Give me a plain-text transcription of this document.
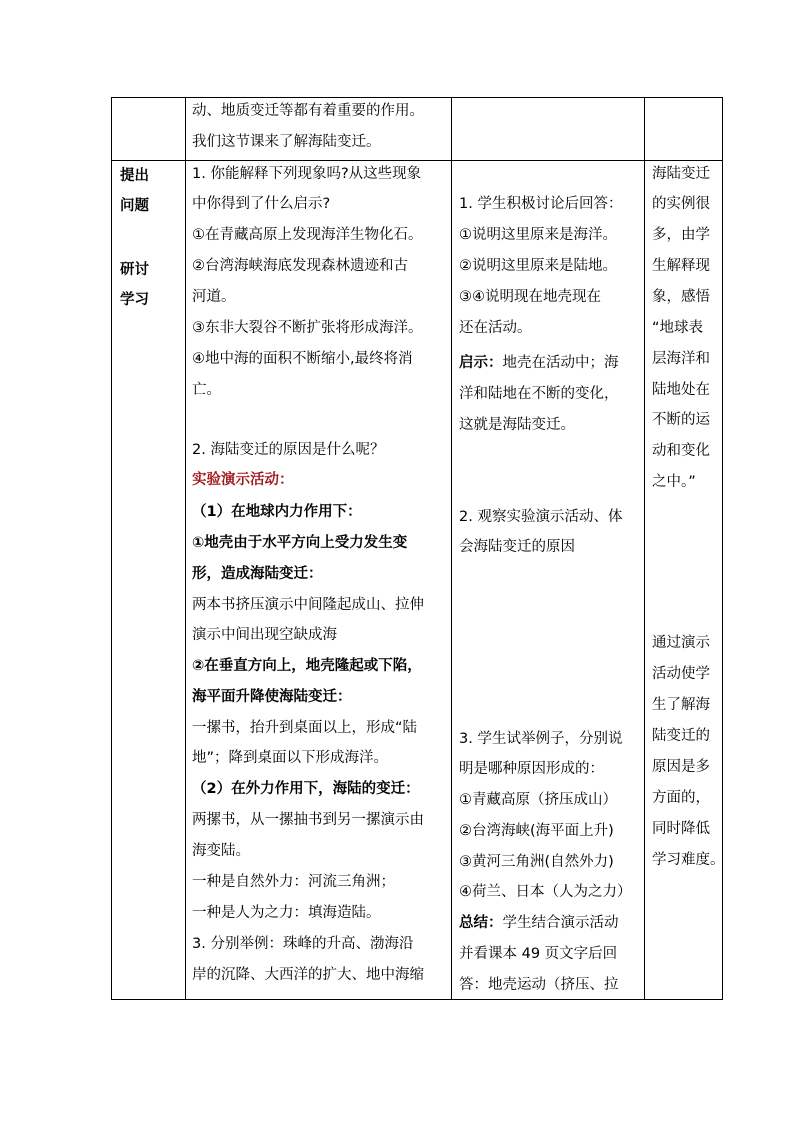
动、地质变迁等都有着重要的作用。
我们这节课来了解海陆变迁。
提出
问题
研讨
学习
1. 你能解释下列现象吗?从这些现象
中你得到了什么启示?
①在青藏高原上发现海洋生物化石。
②台湾海峡海底发现森林遗迹和古
河道。
③东非大裂谷不断扩张将形成海洋。
④地中海的面积不断缩小,最终将消
亡。
2. 海陆变迁的原因是什么呢？
实验演示活动：
（1）在地球内力作用下：
①地壳由于水平方向上受力发生变
形，造成海陆变迁：
两本书挤压演示中间隆起成山、拉伸
演示中间出现空缺成海
②在垂直方向上，地壳隆起或下陷，
海平面升降使海陆变迁：
一摞书，抬升到桌面以上，形成“陆
地”；降到桌面以下形成海洋。
（2）在外力作用下，海陆的变迁：
两摞书，从一摞抽书到另一摞演示由
海变陆。
一种是自然外力：河流三角洲；
一种是人为之力：填海造陆。
3. 分别举例：珠峰的升高、渤海沿
岸的沉降、大西洋的扩大、地中海缩
1. 学生积极讨论后回答：
①说明这里原来是海洋。
②说明这里原来是陆地。
③④说明现在地壳现在
还在活动。
启示：地壳在活动中；海
洋和陆地在不断的变化，
这就是海陆变迁。
2. 观察实验演示活动、体
会海陆变迁的原因
3. 学生试举例子，分别说
明是哪种原因形成的：
①青藏高原（挤压成山）
②台湾海峡(海平面上升)
③黄河三角洲(自然外力)
④荷兰、日本（人为之力）
总结：学生结合演示活动
并看课本 49 页文字后回
答：地壳运动（挤压、拉
海陆变迁
的实例很
多，由学
生解释现
象，感悟
“地球表
层海洋和
陆地处在
不断的运
动和变化
之中。”
通过演示
活动使学
生了解海
陆变迁的
原因是多
方面的，
同时降低
学习难度。
